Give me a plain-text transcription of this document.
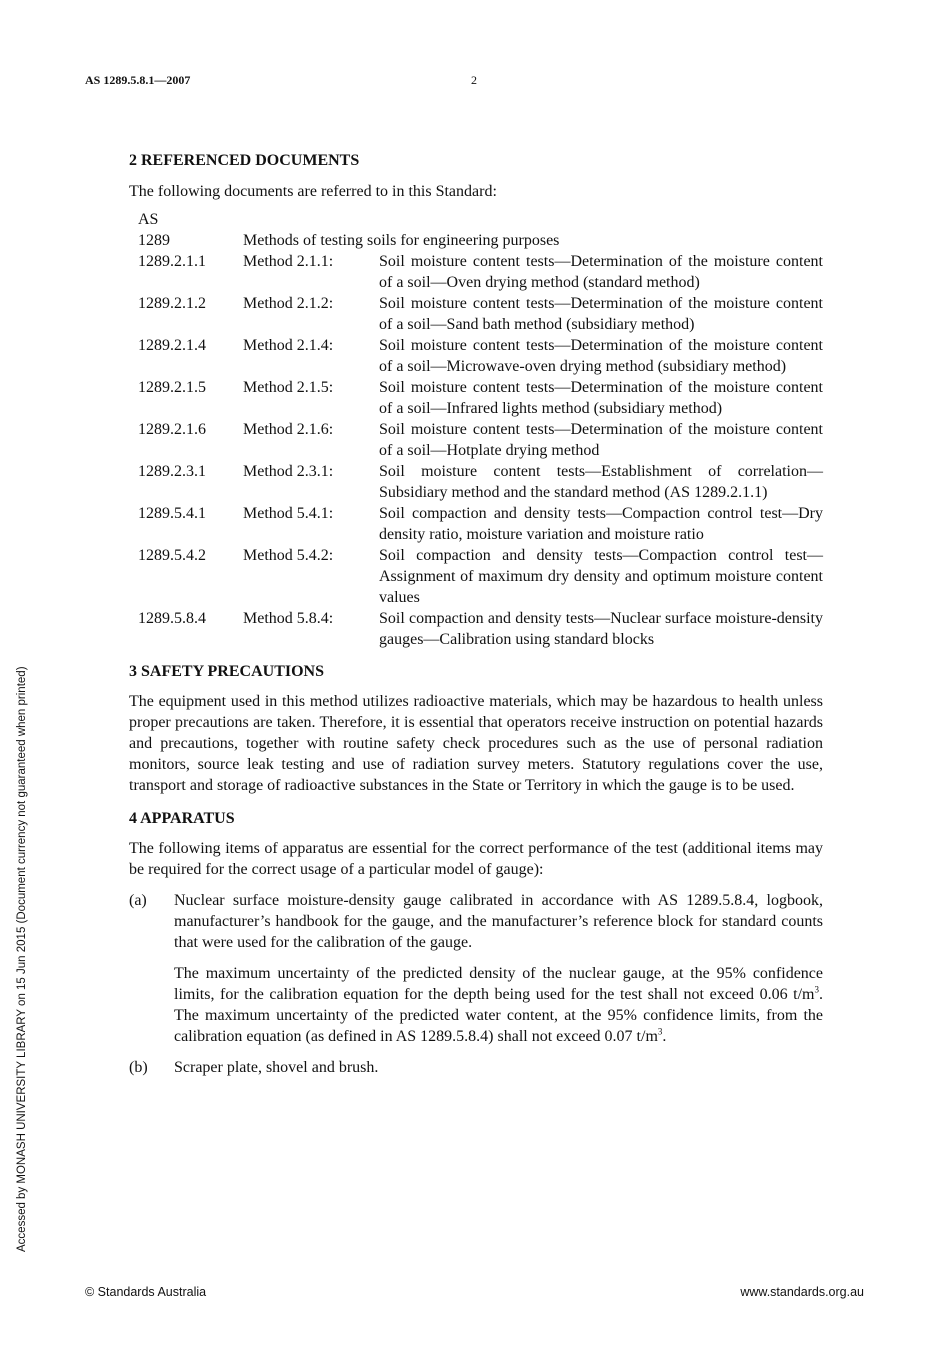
AS 1289.5.8.1—2007	2
Accessed by MONASH UNIVERSITY LIBRARY on 15 Jun 2015 (Document currency not guaranteed when printed)
2 REFERENCED DOCUMENTS

The following documents are referred to in this Standard:

AS
1289	Methods of testing soils for engineering purposes
1289.2.1.1	Method 2.1.1:	Soil moisture content tests—Determination of the moisture content of a soil—Oven drying method (standard method)
1289.2.1.2	Method 2.1.2:	Soil moisture content tests—Determination of the moisture content of a soil—Sand bath method (subsidiary method)
1289.2.1.4	Method 2.1.4:	Soil moisture content tests—Determination of the moisture content of a soil—Microwave-oven drying method (subsidiary method)
1289.2.1.5	Method 2.1.5:	Soil moisture content tests—Determination of the moisture content of a soil—Infrared lights method (subsidiary method)
1289.2.1.6	Method 2.1.6:	Soil moisture content tests—Determination of the moisture content of a soil—Hotplate drying method
1289.2.3.1	Method 2.3.1:	Soil moisture content tests—Establishment of correlation—Subsidiary method and the standard method (AS 1289.2.1.1)
1289.5.4.1	Method 5.4.1:	Soil compaction and density tests—Compaction control test—Dry density ratio, moisture variation and moisture ratio
1289.5.4.2	Method 5.4.2:	Soil compaction and density tests—Compaction control test—Assignment of maximum dry density and optimum moisture content values
1289.5.8.4	Method 5.8.4:	Soil compaction and density tests—Nuclear surface moisture-density gauges—Calibration using standard blocks
3 SAFETY PRECAUTIONS

The equipment used in this method utilizes radioactive materials, which may be hazardous to health unless proper precautions are taken. Therefore, it is essential that operators receive instruction on potential hazards and precautions, together with routine safety check procedures such as the use of personal radiation monitors, source leak testing and use of radiation survey meters. Statutory regulations cover the use, transport and storage of radioactive substances in the State or Territory in which the gauge is to be used.

4 APPARATUS

The following items of apparatus are essential for the correct performance of the test (additional items may be required for the correct usage of a particular model of gauge):

(a)	Nuclear surface moisture-density gauge calibrated in accordance with AS 1289.5.8.4, logbook, manufacturer’s handbook for the gauge, and the manufacturer’s reference block for standard counts that were used for the calibration of the gauge.

The maximum uncertainty of the predicted density of the nuclear gauge, at the 95% confidence limits, for the calibration equation for the depth being used for the test shall not exceed 0.06 $t/m^3$. The maximum uncertainty of the predicted water content, at the 95% confidence limits, from the calibration equation (as defined in AS 1289.5.8.4) shall not exceed 0.07 $t/m^3$.

(b)	Scraper plate, shovel and brush.
© Standards Australia	www.standards.org.au
